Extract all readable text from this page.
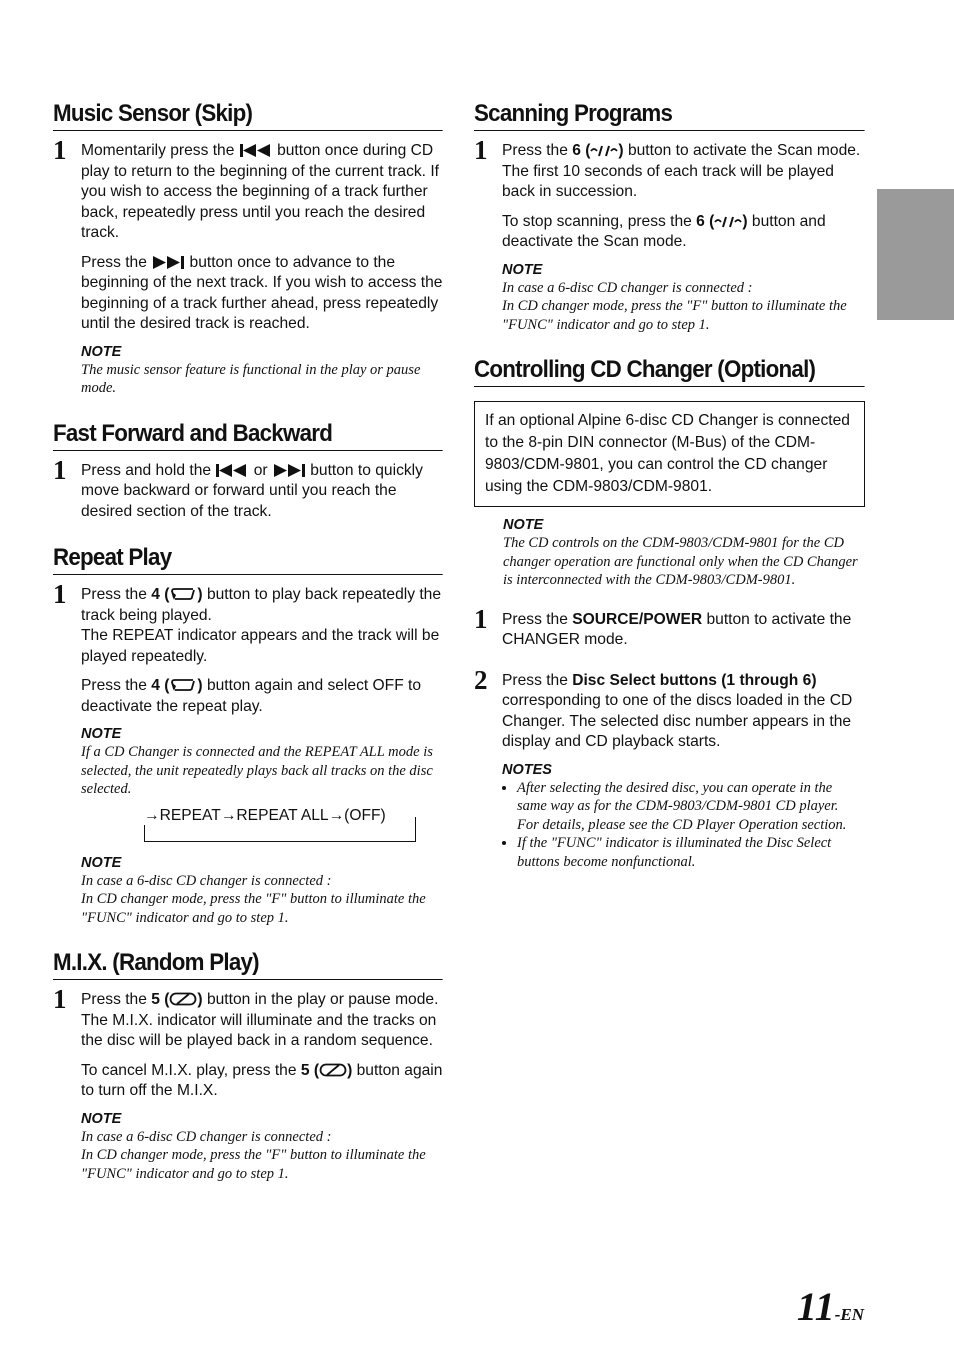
Music Sensor (Skip)
1 Momentarily press the  button once during CD play to return to the beginning of the current track. If you wish to access the beginning of a track further back, repeatedly press until you reach the desired track.

Press the  button once to advance to the beginning of the next track. If you wish to access the beginning of a track further ahead, press repeatedly until the desired track is reached.

NOTE

The music sensor feature is functional in the play or pause mode.

Fast Forward and Backward
1 Press and hold the  or  button to quickly move backward or forward until you reach the desired section of the track.

Repeat Play
1 Press the 4 ( ) button to play back repeatedly the track being played.
The REPEAT indicator appears and the track will be played repeatedly.

Press the 4 ( ) button again and select OFF to deactivate the repeat play.

NOTE

If a CD Changer is connected and the REPEAT ALL mode is selected, the unit repeatedly plays back all tracks on the disc selected.

→REPEAT→REPEAT ALL→(OFF)
NOTE

In case a 6-disc CD changer is connected :
In CD changer mode, press the "F" button to illuminate the "FUNC" indicator and go to step 1.

M.I.X. (Random Play)
1 Press the 5 ( ) button in the play or pause mode.
The M.I.X. indicator will illuminate and the tracks on the disc will be played back in a random sequence.

To cancel M.I.X. play, press the 5 ( ) button again to turn off the M.I.X.

NOTE

In case a 6-disc CD changer is connected :
In CD changer mode, press the "F" button to illuminate the "FUNC" indicator and go to step 1.

Scanning Programs
1 Press the 6 ( ) button to activate the Scan mode.
The first 10 seconds of each track will be played back in succession.

To stop scanning, press the 6 ( ) button and deactivate the Scan mode.

NOTE

In case a 6-disc CD changer is connected :
In CD changer mode, press the "F" button to illuminate the "FUNC" indicator and go to step 1.

Controlling CD Changer (Optional)
If an optional Alpine 6-disc CD Changer is connected to the 8-pin DIN connector (M-Bus) of the CDM-9803/CDM-9801, you can control the CD changer using the CDM-9803/CDM-9801.
NOTE

The CD controls on the CDM-9803/CDM-9801 for the CD changer operation are functional only when the CD Changer is interconnected with the CDM-9803/CDM-9801.

1 Press the SOURCE/POWER button to activate the CHANGER mode.

2 Press the Disc Select buttons (1 through 6) corresponding to one of the discs loaded in the CD Changer. The selected disc number appears in the display and CD playback starts.

NOTES
• After selecting the desired disc, you can operate in the same way as for the CDM-9803/CDM-9801 CD player.
For details, please see the CD Player Operation section.
• If the "FUNC" indicator is illuminated the Disc Select buttons become nonfunctional.
11-EN
